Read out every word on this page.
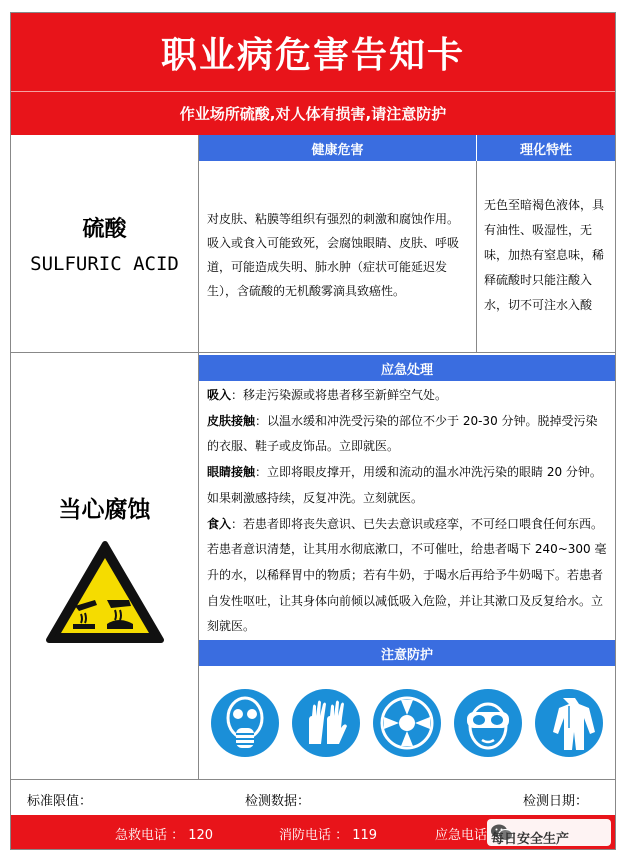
职业病危害告知卡
作业场所硫酸,对人体有损害,请注意防护
硫酸
SULFURIC ACID
健康危害	理化特性
对皮肤、粘膜等组织有强烈的刺激和腐蚀作用。吸入或食入可能致死，会腐蚀眼睛、皮肤、呼吸道，可能造成失明、肺水肿（症状可能延迟发生），含硫酸的无机酸雾滴具致癌性。
无色至暗褐色液体，具有油性、吸湿性，无味，加热有窒息味，稀释硫酸时只能注酸入水，切不可注水入酸
当心腐蚀
应急处理

吸入：移走污染源或将患者移至新鲜空气处。

皮肤接触：以温水缓和冲洗受污染的部位不少于 20-30 分钟。脱掉受污染的衣服、鞋子或皮饰品。立即就医。

眼睛接触：立即将眼皮撑开，用缓和流动的温水冲洗污染的眼睛 20 分钟。如果刺激感持续，反复冲洗。立刻就医。

食入：若患者即将丧失意识、已失去意识或痉挛，不可经口喂食任何东西。若患者意识清楚，让其用水彻底漱口，不可催吐，给患者喝下 240~300 毫升的水，以稀释胃中的物质；若有牛奶，于喝水后再给予牛奶喝下。若患者自发性呕吐，让其身体向前倾以减低吸入危险，并让其漱口及反复给水。立刻就医。

注意防护
标准限值：	检测数据：	检测日期：
急救电话 ： 120	消防电话 ： 119	应急电话 每日安全生产
